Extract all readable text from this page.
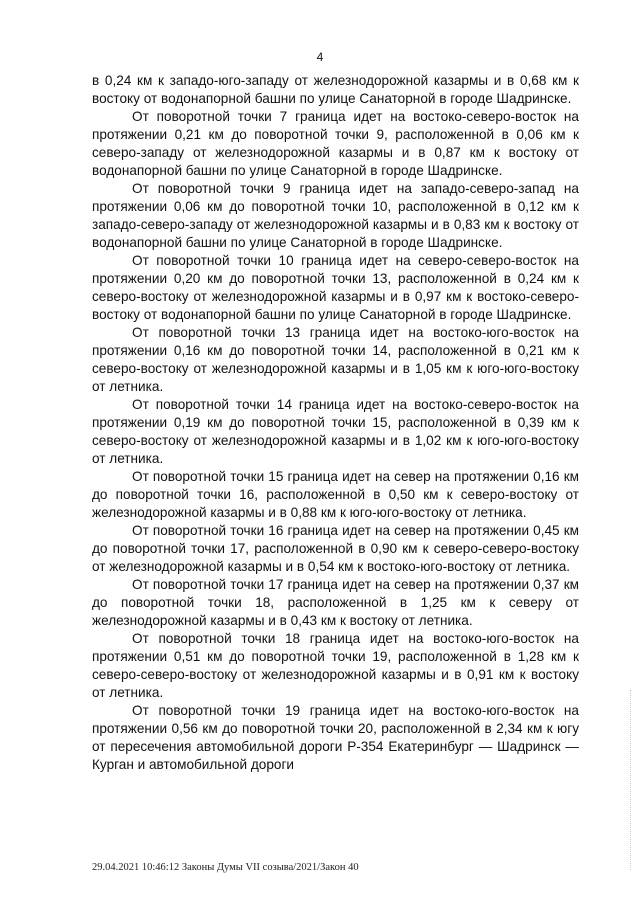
4

в 0,24 км к западо-юго-западу от железнодорожной казармы и в 0,68 км к востоку от водонапорной башни по улице Санаторной в городе Шадринске.

От поворотной точки 7 граница идет на востоко-северо-восток на протяжении 0,21 км до поворотной точки 9, расположенной в 0,06 км к северо-западу от железнодорожной казармы и в 0,87 км к востоку от водонапорной башни по улице Санаторной в городе Шадринске.

От поворотной точки 9 граница идет на западо-северо-запад на протяжении 0,06 км до поворотной точки 10, расположенной в 0,12 км к западо-северо-западу от железнодорожной казармы и в 0,83 км к востоку от водонапорной башни по улице Санаторной в городе Шадринске.

От поворотной точки 10 граница идет на северо-северо-восток на протяжении 0,20 км до поворотной точки 13, расположенной в 0,24 км к северо-востоку от железнодорожной казармы и в 0,97 км к востоко-северо-востоку от водонапорной башни по улице Санаторной в городе Шадринске.

От поворотной точки 13 граница идет на востоко-юго-восток на протяжении 0,16 км до поворотной точки 14, расположенной в 0,21 км к северо-востоку от железнодорожной казармы и в 1,05 км к юго-юго-востоку от летника.

От поворотной точки 14 граница идет на востоко-северо-восток на протяжении 0,19 км до поворотной точки 15, расположенной в 0,39 км к северо-востоку от железнодорожной казармы и в 1,02 км к юго-юго-востоку от летника.

От поворотной точки 15 граница идет на север на протяжении 0,16 км до поворотной точки 16, расположенной в 0,50 км к северо-востоку от железнодорожной казармы и в 0,88 км к юго-юго-востоку от летника.

От поворотной точки 16 граница идет на север на протяжении 0,45 км до поворотной точки 17, расположенной в 0,90 км к северо-северо-востоку от железнодорожной казармы и в 0,54 км к востоко-юго-востоку от летника.

От поворотной точки 17 граница идет на север на протяжении 0,37 км до поворотной точки 18, расположенной в 1,25 км к северу от железнодорожной казармы и в 0,43 км к востоку от летника.

От поворотной точки 18 граница идет на востоко-юго-восток на протяжении 0,51 км до поворотной точки 19, расположенной в 1,28 км к северо-северо-востоку от железнодорожной казармы и в 0,91 км к востоку от летника.

От поворотной точки 19 граница идет на востоко-юго-восток на протяжении 0,56 км до поворотной точки 20, расположенной в 2,34 км к югу от пересечения автомобильной дороги Р-354 Екатеринбург — Шадринск — Курган и автомобильной дороги

29.04.2021 10:46:12 Законы Думы VII созыва/2021/Закон 40
